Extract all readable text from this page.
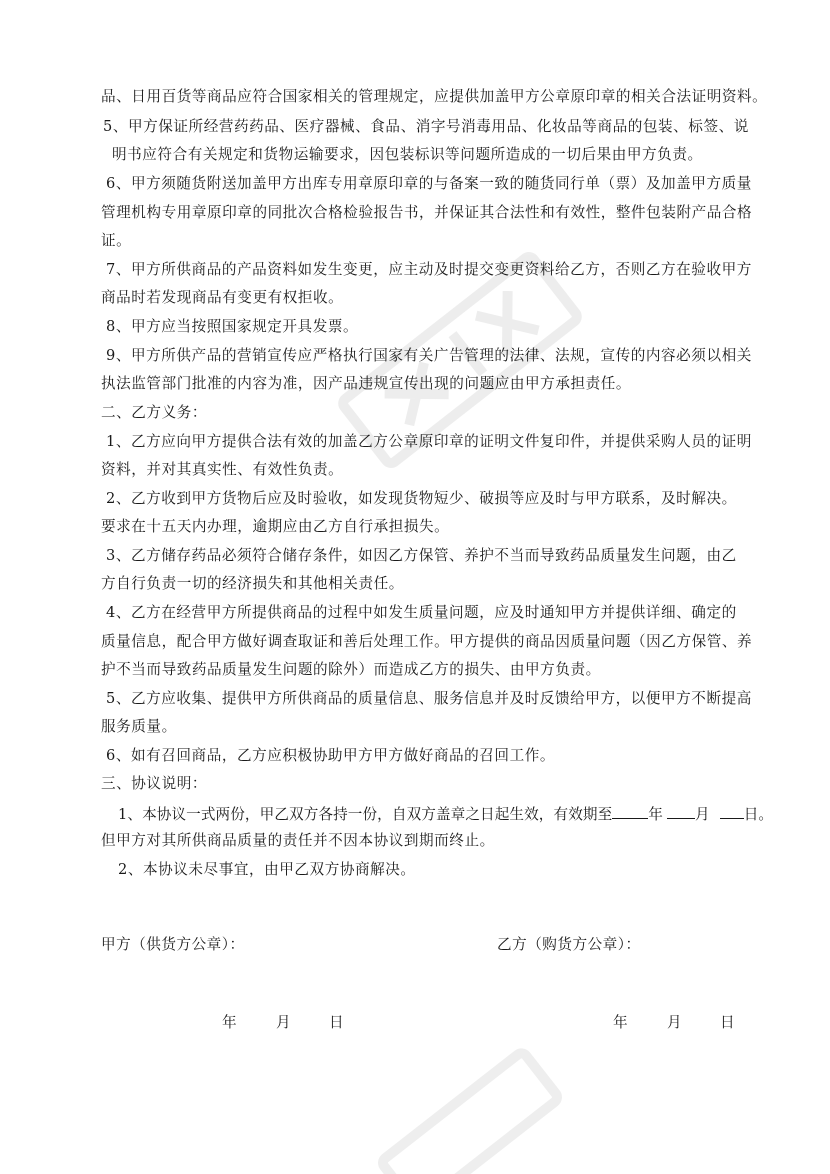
品、日用百货等商品应符合国家相关的管理规定，应提供加盖甲方公章原印章的相关合法证明资料。

5、甲方保证所经营药药品、医疗器械、食品、消字号消毒用品、化妆品等商品的包装、标签、说

明书应符合有关规定和货物运输要求，因包装标识等问题所造成的一切后果由甲方负责。

6、甲方须随货附送加盖甲方出库专用章原印章的与备案一致的随货同行单（票）及加盖甲方质量

管理机构专用章原印章的同批次合格检验报告书，并保证其合法性和有效性，整件包装附产品合格

证。

7、甲方所供商品的产品资料如发生变更，应主动及时提交变更资料给乙方，否则乙方在验收甲方

商品时若发现商品有变更有权拒收。

8、甲方应当按照国家规定开具发票。

9、甲方所供产品的营销宣传应严格执行国家有关广告管理的法律、法规，宣传的内容必须以相关

执法监管部门批准的内容为准，因产品违规宣传出现的问题应由甲方承担责任。

二、乙方义务：

1、乙方应向甲方提供合法有效的加盖乙方公章原印章的证明文件复印件，并提供采购人员的证明

资料，并对其真实性、有效性负责。

2、乙方收到甲方货物后应及时验收，如发现货物短少、破损等应及时与甲方联系，及时解决。

要求在十五天内办理，逾期应由乙方自行承担损失。

3、乙方储存药品必须符合储存条件，如因乙方保管、养护不当而导致药品质量发生问题，由乙

方自行负责一切的经济损失和其他相关责任。

4、乙方在经营甲方所提供商品的过程中如发生质量问题，应及时通知甲方并提供详细、确定的

质量信息，配合甲方做好调查取证和善后处理工作。甲方提供的商品因质量问题（因乙方保管、养

护不当而导致药品质量发生问题的除外）而造成乙方的损失、由甲方负责。

5、乙方应收集、提供甲方所供商品的质量信息、服务信息并及时反馈给甲方，以便甲方不断提高

服务质量。

6、如有召回商品，乙方应积极协助甲方甲方做好商品的召回工作。

三、协议说明：

1、本协议一式两份，甲乙双方各持一份，自双方盖章之日起生效，有效期至 年 月 日。

但甲方对其所供商品质量的责任并不因本协议到期而终止。

2、本协议未尽事宜，由甲乙双方协商解决。

甲方（供货方公章）：	乙方（购货方公章）：
年	月	日	年	月	日
